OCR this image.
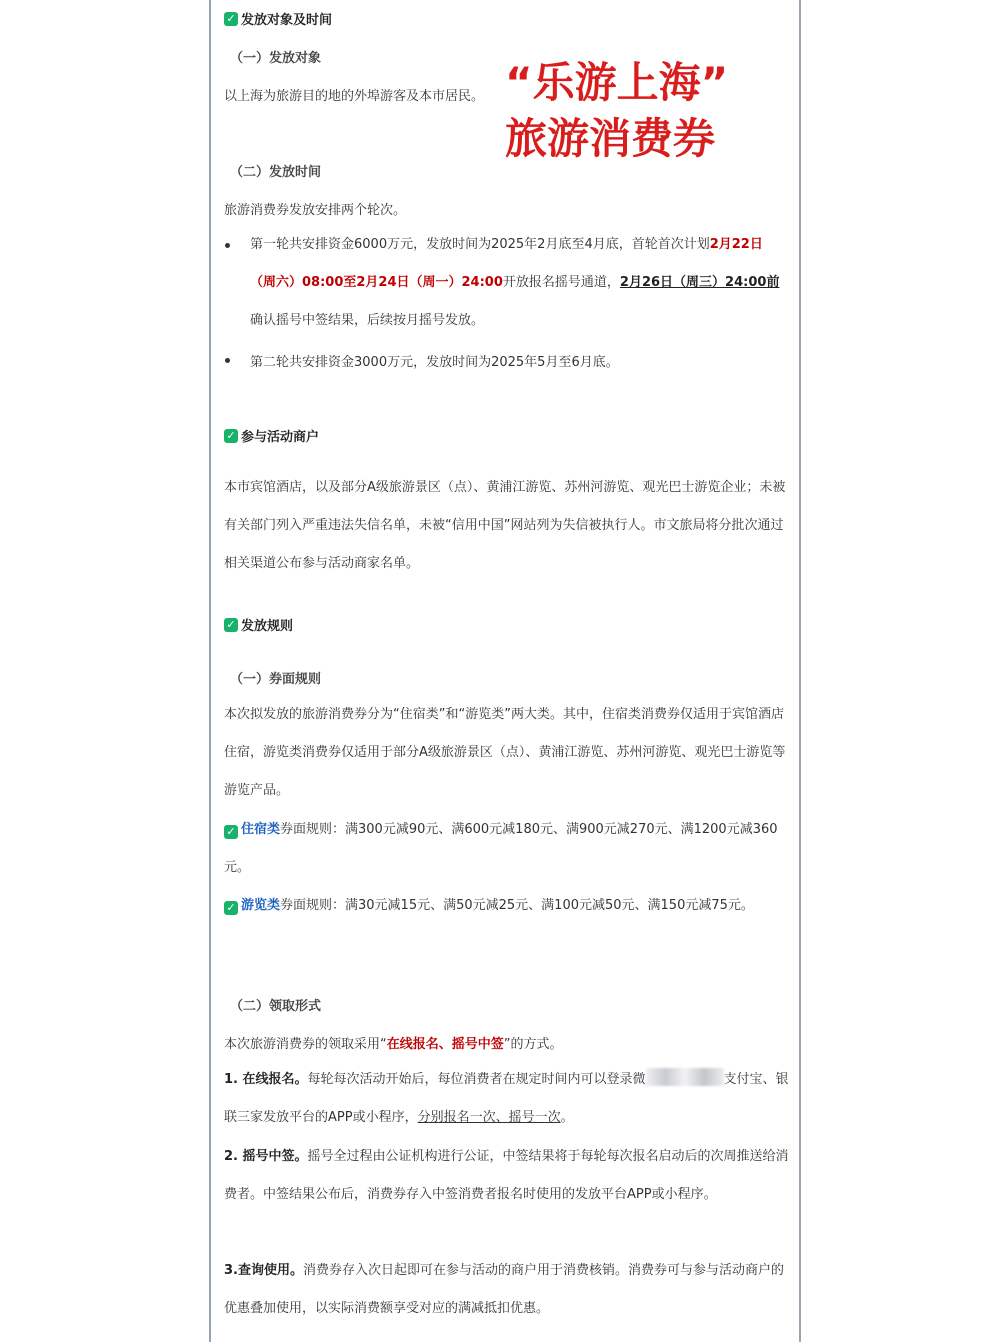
✓ 发放对象及时间
（一）发放对象
以上海为旅游目的地的外埠游客及本市居民。
（二）发放时间
旅游消费券发放安排两个轮次。
第一轮共安排资金6000万元，发放时间为2025年2月底至4月底，首轮首次计划2月22日（周六）08:00至2月24日（周一）24:00开放报名摇号通道，2月26日（周三）24:00前确认摇号中签结果，后续按月摇号发放。
第二轮共安排资金3000万元，发放时间为2025年5月至6月底。
✓ 参与活动商户
本市宾馆酒店，以及部分A级旅游景区（点）、黄浦江游览、苏州河游览、观光巴士游览企业；未被有关部门列入严重违法失信名单，未被“信用中国”网站列为失信被执行人。市文旅局将分批次通过相关渠道公布参与活动商家名单。
✓ 发放规则
（一）券面规则
本次拟发放的旅游消费券分为“住宿类”和“游览类”两大类。其中，住宿类消费券仅适用于宾馆酒店住宿，游览类消费券仅适用于部分A级旅游景区（点）、黄浦江游览、苏州河游览、观光巴士游览等游览产品。
✓ 住宿类券面规则：满300元减90元、满600元减180元、满900元减270元、满1200元减360元。
✓ 游览类券面规则：满30元减15元、满50元减25元、满100元减50元、满150元减75元。
（二）领取形式
本次旅游消费券的领取采用“在线报名、摇号中签”的方式。
1. 在线报名。每轮每次活动开始后，每位消费者在规定时间内可以登录微	支付宝、银联三家发放平台的APP或小程序，分别报名一次、摇号一次。
2. 摇号中签。摇号全过程由公证机构进行公证，中签结果将于每轮每次报名启动后的次周推送给消费者。中签结果公布后，消费券存入中签消费者报名时使用的发放平台APP或小程序。
3.查询使用。消费券存入次日起即可在参与活动的商户用于消费核销。消费券可与参与活动商户的优惠叠加使用，以实际消费额享受对应的满减抵扣优惠。
“乐游上海”
旅游消费券
